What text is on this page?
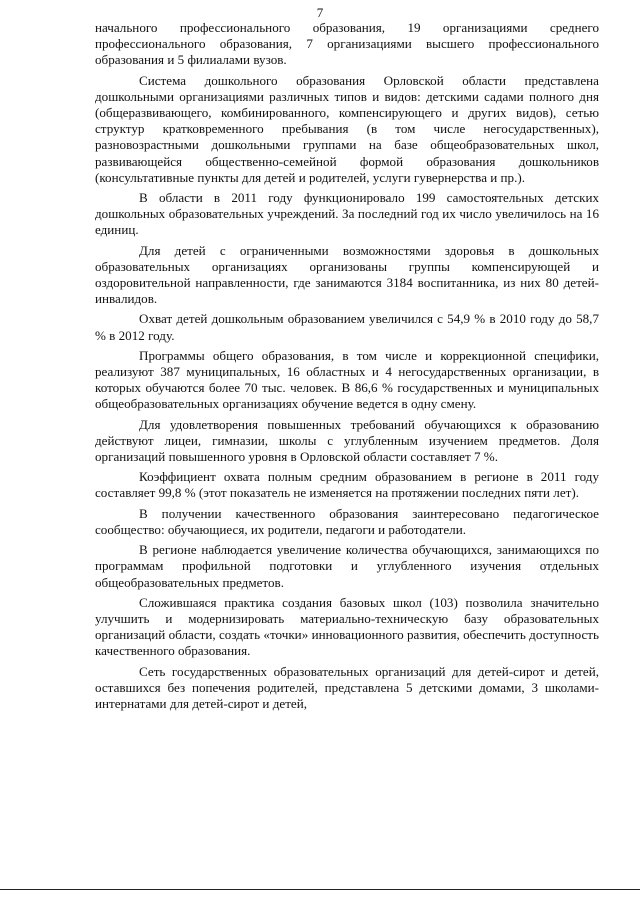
7

начального профессионального образования, 19 организациями среднего профессионального образования, 7 организациями высшего профессионального образования и 5 филиалами вузов.

Система дошкольного образования Орловской области представлена дошкольными организациями различных типов и видов: детскими садами полного дня (общеразвивающего, комбинированного, компенсирующего и других видов), сетью структур кратковременного пребывания (в том числе негосударственных), разновозрастными дошкольными группами на базе общеобразовательных школ, развивающейся общественно-семейной формой образования дошкольников (консультативные пункты для детей и родителей, услуги гувернерства и пр.).

В области в 2011 году функционировало 199 самостоятельных детских дошкольных образовательных учреждений. За последний год их число увеличилось на 16 единиц.

Для детей с ограниченными возможностями здоровья в дошкольных образовательных организациях организованы группы компенсирующей и оздоровительной направленности, где занимаются 3184 воспитанника, из них 80 детей-инвалидов.

Охват детей дошкольным образованием увеличился с 54,9 % в 2010 году до 58,7 % в 2012 году.

Программы общего образования, в том числе и коррекционной специфики, реализуют 387 муниципальных, 16 областных и 4 негосударственных организации, в которых обучаются более 70 тыс. человек. В 86,6 % государственных и муниципальных общеобразовательных организациях обучение ведется в одну смену.

Для удовлетворения повышенных требований обучающихся к образованию действуют лицеи, гимназии, школы с углубленным изучением предметов. Доля организаций повышенного уровня в Орловской области составляет 7 %.

Коэффициент охвата полным средним образованием в регионе в 2011 году составляет 99,8 % (этот показатель не изменяется на протяжении последних пяти лет).

В получении качественного образования заинтересовано педагогическое сообщество: обучающиеся, их родители, педагоги и работодатели.

В регионе наблюдается увеличение количества обучающихся, занимающихся по программам профильной подготовки и углубленного изучения отдельных общеобразовательных предметов.

Сложившаяся практика создания базовых школ (103) позволила значительно улучшить и модернизировать материально-техническую базу образовательных организаций области, создать «точки» инновационного развития, обеспечить доступность качественного образования.

Сеть государственных образовательных организаций для детей-сирот и детей, оставшихся без попечения родителей, представлена 5 детскими домами, 3 школами-интернатами для детей-сирот и детей,
